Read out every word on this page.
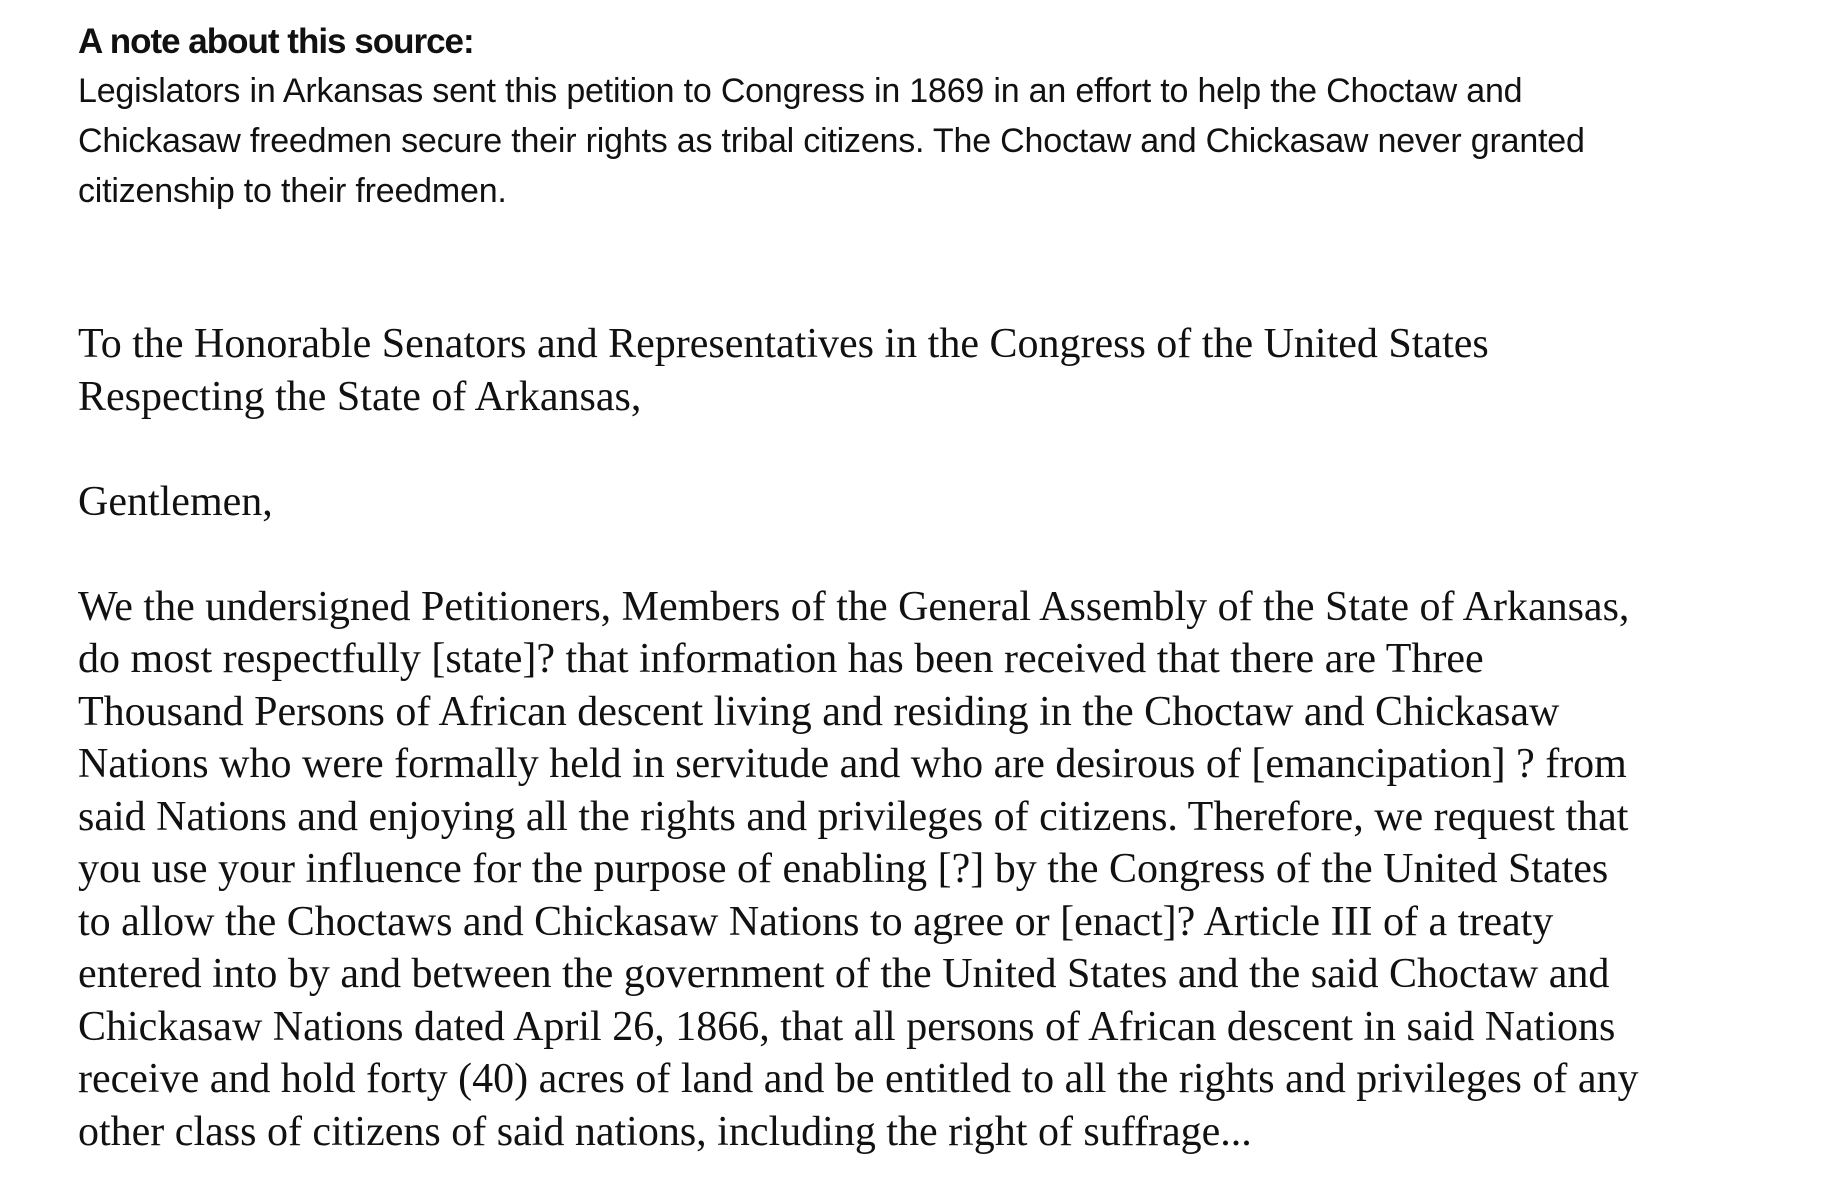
A note about this source:
Legislators in Arkansas sent this petition to Congress in 1869 in an effort to help the Choctaw and
Chickasaw freedmen secure their rights as tribal citizens. The Choctaw and Chickasaw never granted
citizenship to their freedmen.
To the Honorable Senators and Representatives in the Congress of the United States
Respecting the State of Arkansas,
Gentlemen,
We the undersigned Petitioners, Members of the General Assembly of the State of Arkansas,
do most respectfully [state]? that information has been received that there are Three
Thousand Persons of African descent living and residing in the Choctaw and Chickasaw
Nations who were formally held in servitude and who are desirous of [emancipation] ? from
said Nations and enjoying all the rights and privileges of citizens. Therefore, we request that
you use your influence for the purpose of enabling [?] by the Congress of the United States
to allow the Choctaws and Chickasaw Nations to agree or [enact]? Article III of a treaty
entered into by and between the government of the United States and the said Choctaw and
Chickasaw Nations dated April 26, 1866, that all persons of African descent in said Nations
receive and hold forty (40) acres of land and be entitled to all the rights and privileges of any
other class of citizens of said nations, including the right of suffrage...
